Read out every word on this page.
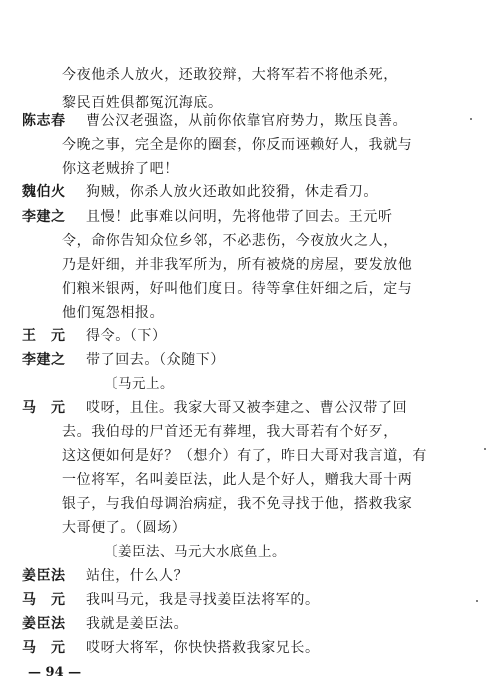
今夜他杀人放火，还敢狡辩，大将军若不将他杀死，
黎民百姓俱都冤沉海底。
陈志春 曹公汉老强盗，从前你依靠官府势力，欺压良善。
今晚之事，完全是你的圈套，你反而诬赖好人，我就与
你这老贼拚了吧！
魏伯火 狗贼，你杀人放火还敢如此狡猾，休走看刀。
李建之 且慢！此事难以问明，先将他带了回去。王元听
令，命你告知众位乡邻，不必悲伤，今夜放火之人，
乃是奸细，并非我军所为，所有被烧的房屋，要发放他
们粮米银两，好叫他们度日。待等拿住奸细之后，定与
他们冤怨相报。
王　元 得令。（下）
李建之 带了回去。（众随下）
〔马元上。
马　元 哎呀，且住。我家大哥又被李建之、曹公汉带了回
去。我伯母的尸首还无有葬埋，我大哥若有个好歹，
这这便如何是好？（想介）有了，昨日大哥对我言道，有
一位将军，名叫姜臣法，此人是个好人，赠我大哥十两
银子，与我伯母调治病症，我不免寻找于他，搭救我家
大哥便了。（圆场）
〔姜臣法、马元大水底鱼上。
姜臣法 站住，什么人？
马　元 我叫马元，我是寻找姜臣法将军的。
姜臣法 我就是姜臣法。
马　元 哎呀大将军，你快快搭救我家兄长。
— 94 —
